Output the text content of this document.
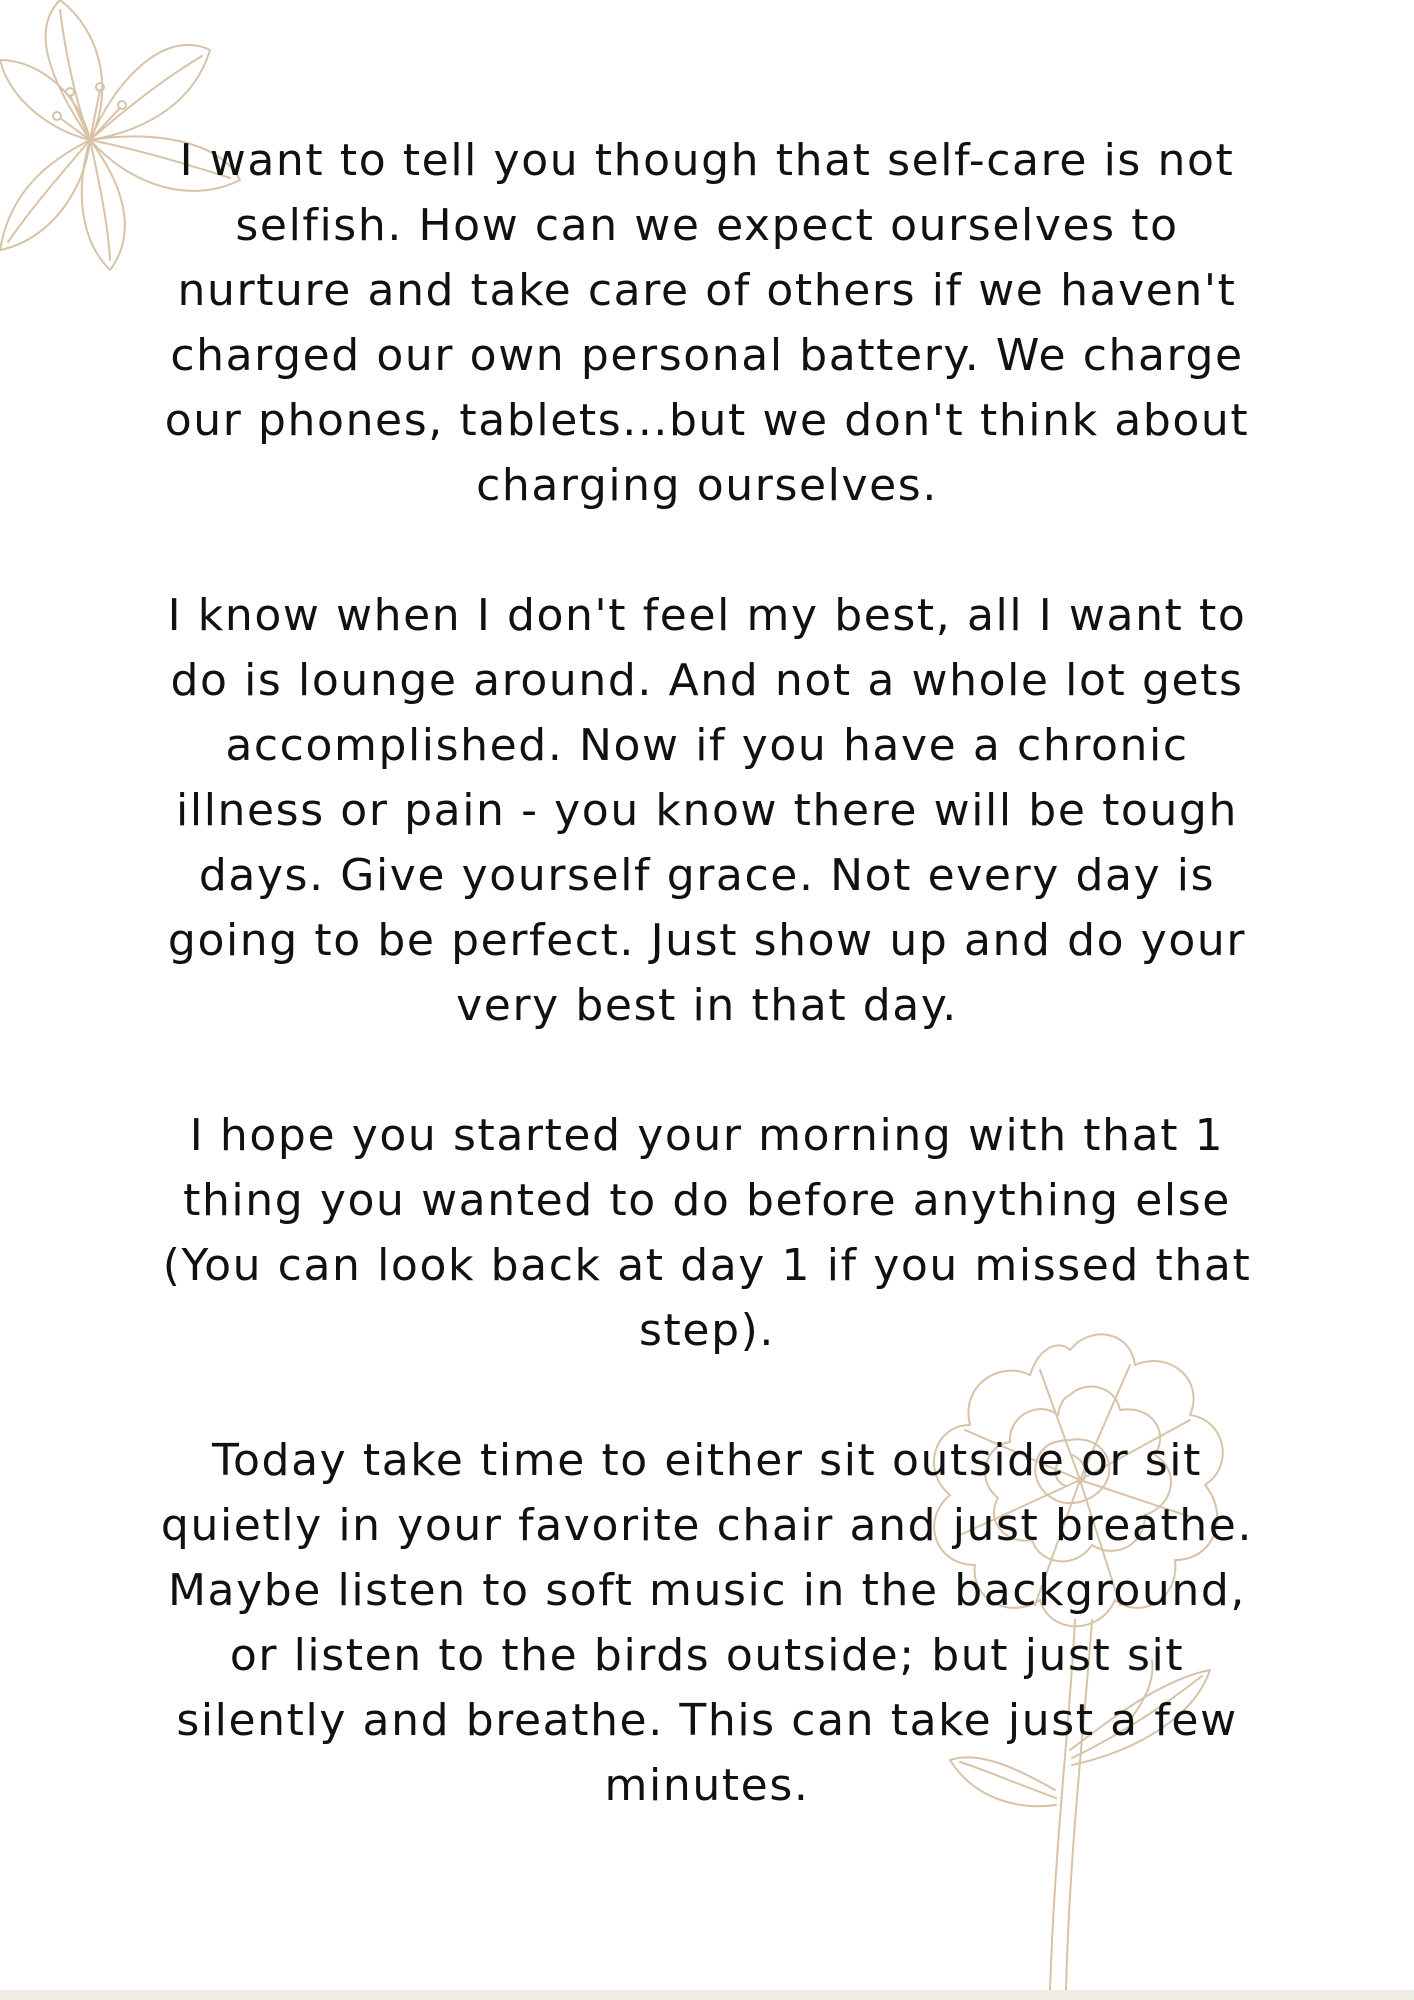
I want to tell you though that self-care is not selfish. How can we expect ourselves to nurture and take care of others if we haven't charged our own personal battery. We charge our phones, tablets...but we don't think about charging ourselves.

I know when I don't feel my best, all I want to do is lounge around. And not a whole lot gets accomplished. Now if you have a chronic illness or pain - you know there will be tough days. Give yourself grace. Not every day is going to be perfect. Just show up and do your very best in that day.

I hope you started your morning with that 1 thing you wanted to do before anything else (You can look back at day 1 if you missed that step).

Today take time to either sit outside or sit quietly in your favorite chair and just breathe. Maybe listen to soft music in the background, or listen to the birds outside; but just sit silently and breathe. This can take just a few minutes.
